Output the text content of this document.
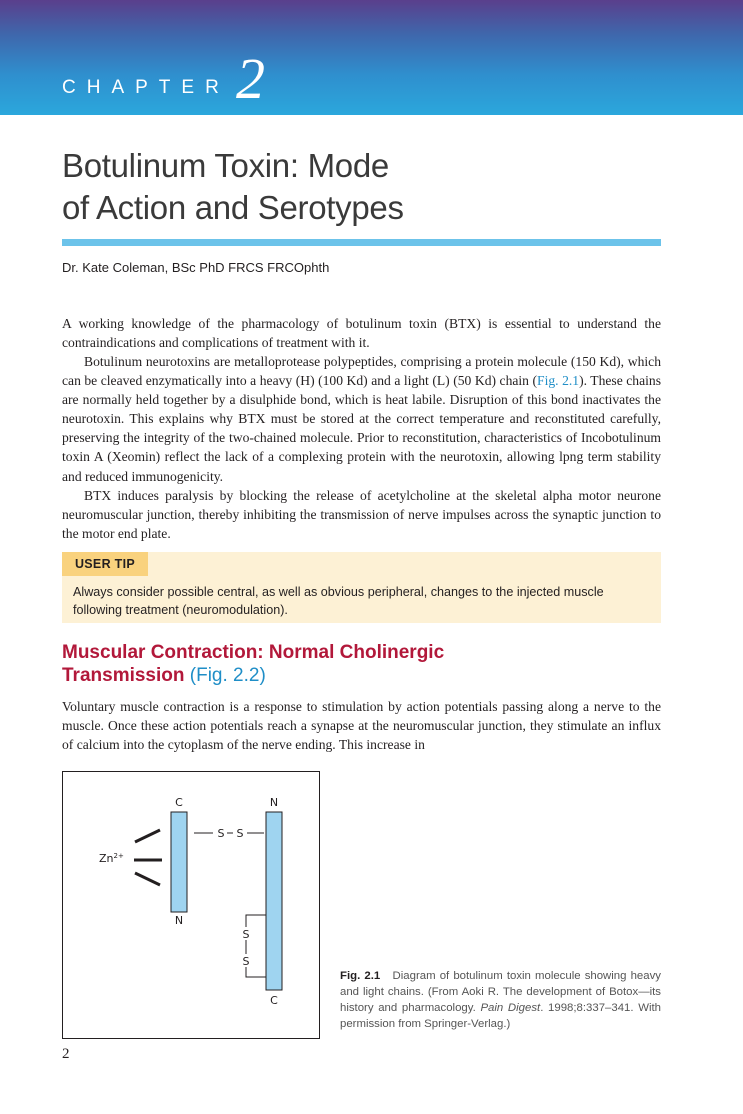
CHAPTER 2
Botulinum Toxin: Mode
of Action and Serotypes
Dr. Kate Coleman, BSc PhD FRCS FRCOphth

A working knowledge of the pharmacology of botulinum toxin (BTX) is essential to understand the contraindications and complications of treatment with it.

Botulinum neurotoxins are metalloprotease polypeptides, comprising a protein molecule (150 Kd), which can be cleaved enzymatically into a heavy (H) (100 Kd) and a light (L) (50 Kd) chain (Fig. 2.1). These chains are normally held together by a disulphide bond, which is heat labile. Disruption of this bond inactivates the neurotoxin. This explains why BTX must be stored at the correct temperature and reconstituted carefully, preserving the integrity of the two-chained molecule. Prior to reconstitution, characteristics of Incobotulinum toxin A (Xeomin) reflect the lack of a complexing protein with the neurotoxin, allowing lpng term stability and reduced immunogenicity.

BTX induces paralysis by blocking the release of acetylcholine at the skeletal alpha motor neurone neuromuscular junction, thereby inhibiting the transmission of nerve impulses across the synaptic junction to the motor end plate.

USER TIP

Always consider possible central, as well as obvious peripheral, changes to the injected muscle following treatment (neuromodulation).

Muscular Contraction: Normal Cholinergic
Transmission (Fig. 2.2)

Voluntary muscle contraction is a response to stimulation by action potentials passing along a nerve to the muscle. Once these action potentials reach a synapse at the neuromuscular junction, they stimulate an influx of calcium into the cytoplasm of the nerve ending. This increase in

C	N
S S
$Zn^{2+}$
N
S
S
C

Fig. 2.1 Diagram of botulinum toxin molecule showing heavy and light chains. (From Aoki R. The development of Botox—its history and pharmacology. Pain Digest. 1998;8:337–341. With permission from Springer-Verlag.)

2
